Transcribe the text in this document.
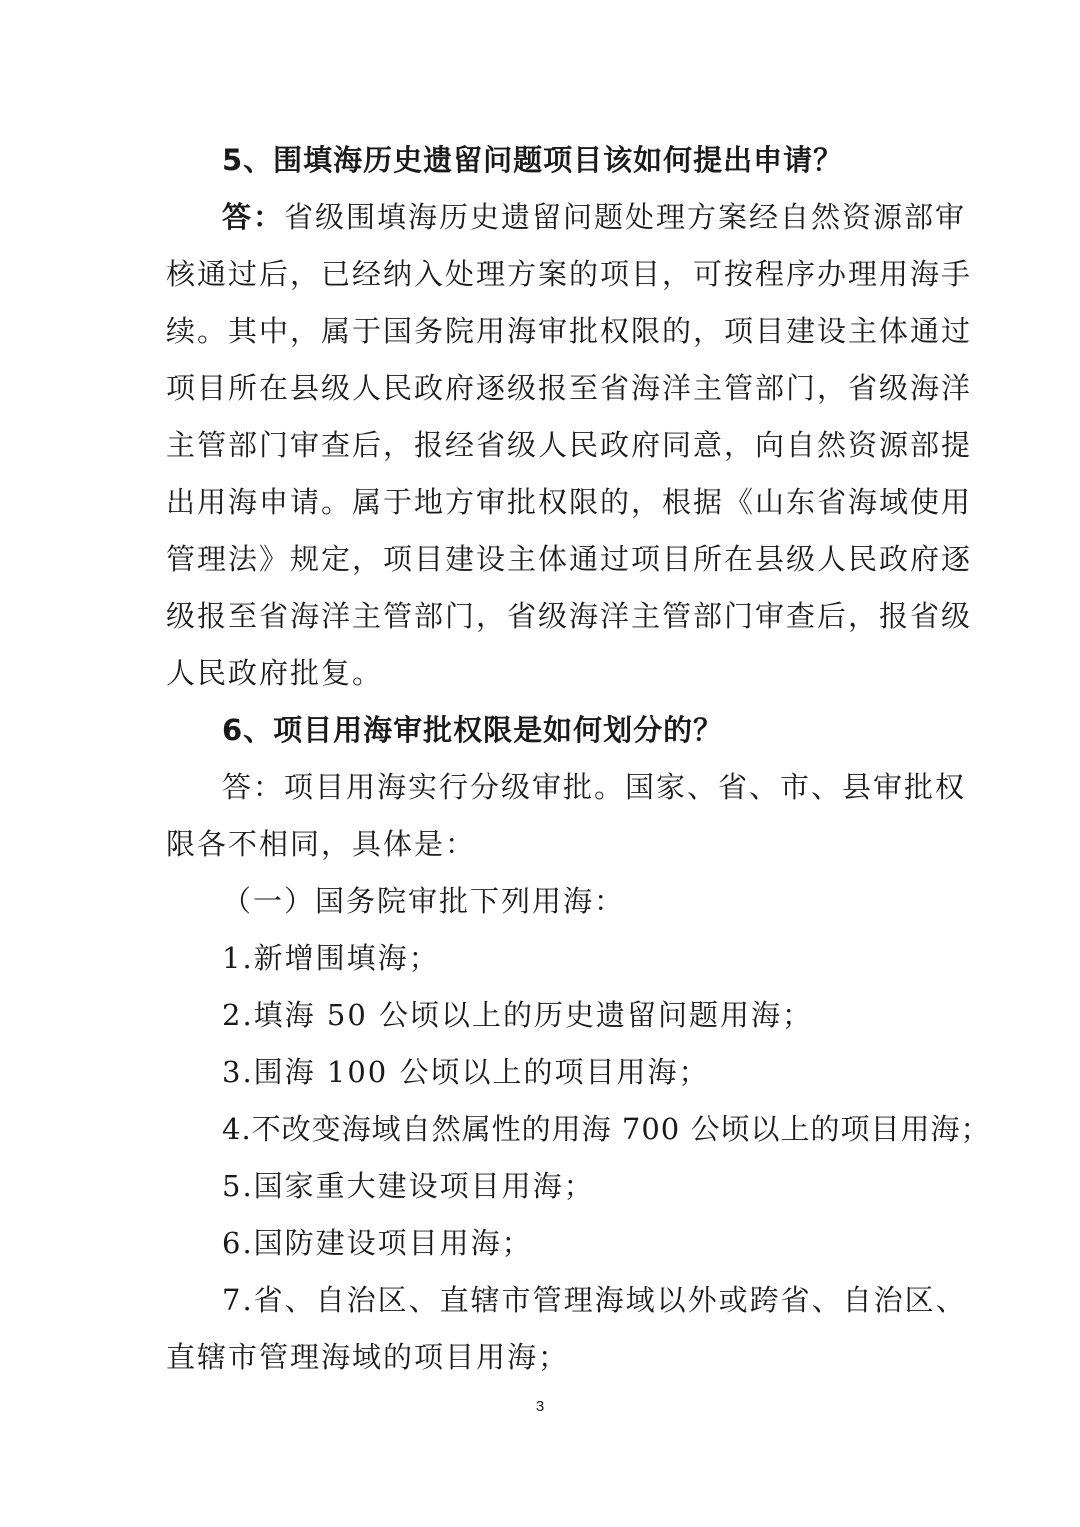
5、围填海历史遗留问题项目该如何提出申请？
答：省级围填海历史遗留问题处理方案经自然资源部审
核通过后，已经纳入处理方案的项目，可按程序办理用海手
续。其中，属于国务院用海审批权限的，项目建设主体通过
项目所在县级人民政府逐级报至省海洋主管部门，省级海洋
主管部门审查后，报经省级人民政府同意，向自然资源部提
出用海申请。属于地方审批权限的，根据《山东省海域使用
管理法》规定，项目建设主体通过项目所在县级人民政府逐
级报至省海洋主管部门，省级海洋主管部门审查后，报省级
人民政府批复。
6、项目用海审批权限是如何划分的？
答：项目用海实行分级审批。国家、省、市、县审批权
限各不相同，具体是：
（一）国务院审批下列用海：
1.新增围填海；
2.填海 50 公顷以上的历史遗留问题用海；
3.围海 100 公顷以上的项目用海；
4.不改变海域自然属性的用海 700 公顷以上的项目用海；
5.国家重大建设项目用海；
6.国防建设项目用海；
7.省、自治区、直辖市管理海域以外或跨省、自治区、
直辖市管理海域的项目用海；
3
